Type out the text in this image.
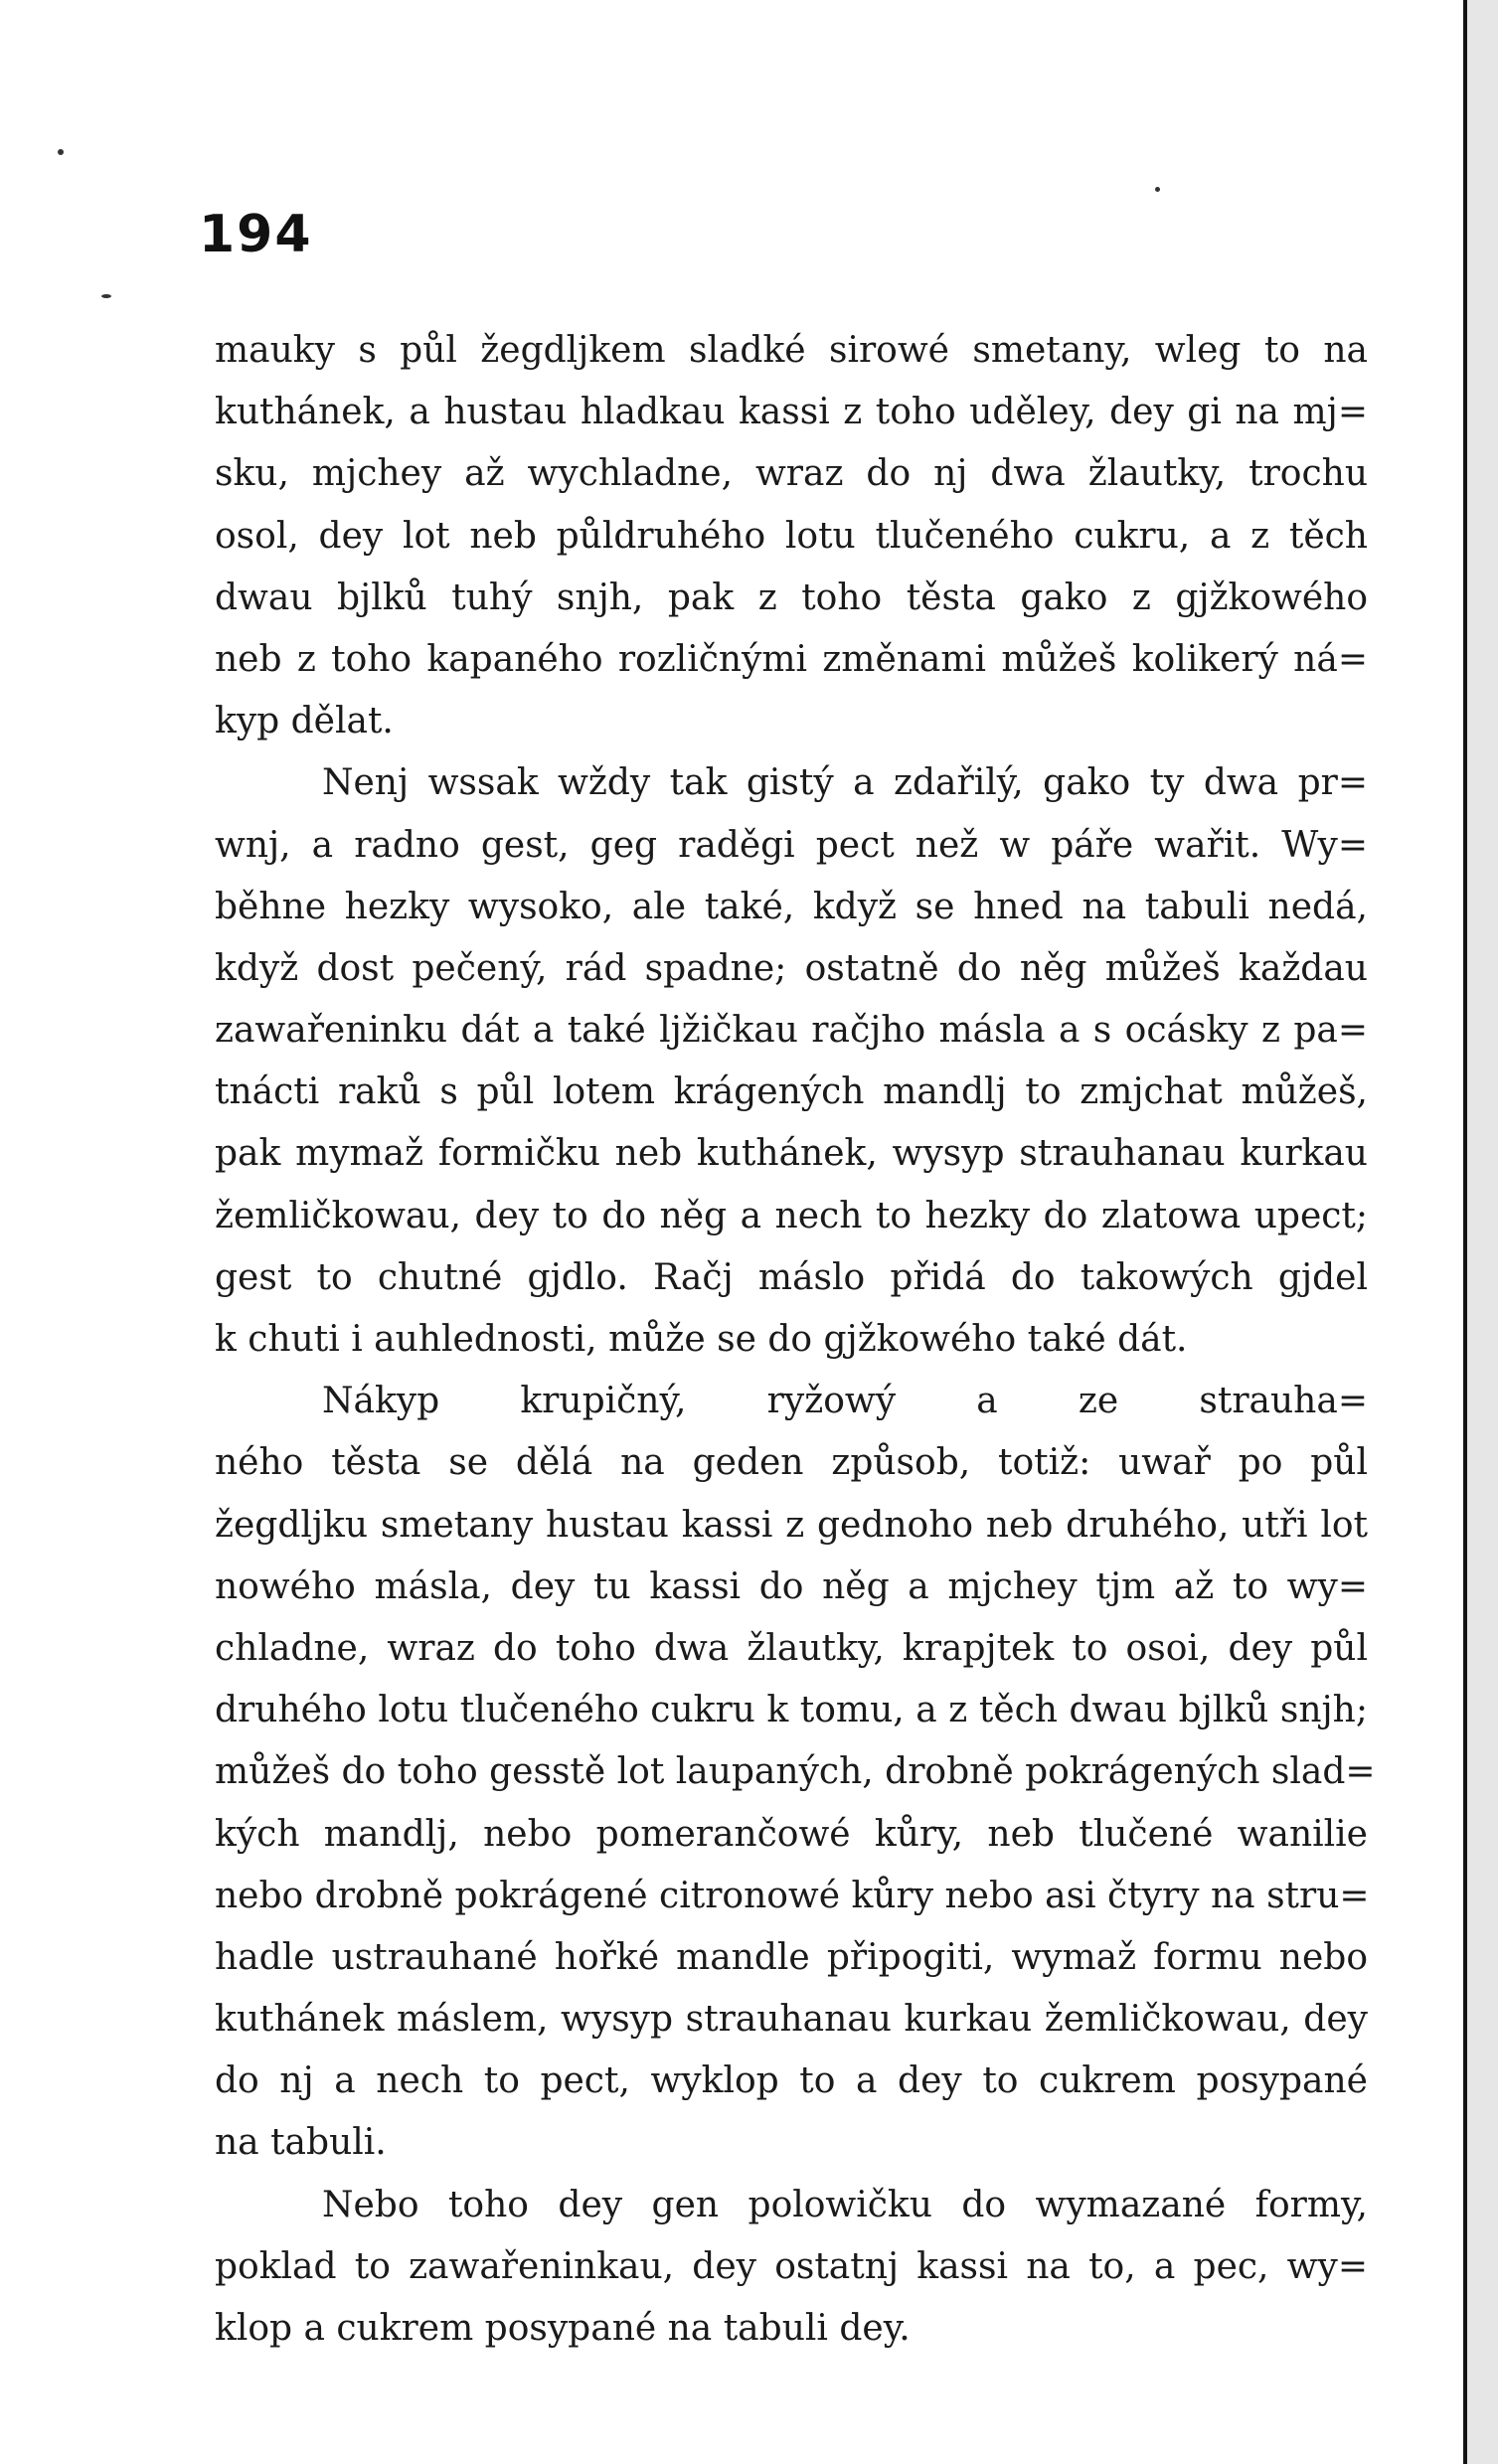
194
mauky s půl žegdljkem sladké sirowé smetany, wleg to na
kuthánek, a hustau hladkau kassi z toho uděley, dey gi na mj=
sku, mjchey až wychladne, wraz do nj dwa žlautky, trochu
osol, dey lot neb půldruhého lotu tlučeného cukru, a z těch
dwau bjlků tuhý snjh, pak z toho těsta gako z gjžkowého
neb z toho kapaného rozličnými změnami můžeš kolikerý ná=
kyp dělat.
Nenj wssak wždy tak gistý a zdařilý, gako ty dwa pr=
wnj, a radno gest, geg raděgi pect než w páře wařit. Wy=
běhne hezky wysoko, ale také, když se hned na tabuli nedá,
když dost pečený, rád spadne; ostatně do něg můžeš každau
zawařeninku dát a také ljžičkau račjho másla a s ocásky z pa=
tnácti raků s půl lotem krágených mandlj to zmjchat můžeš,
pak mymaž formičku neb kuthánek, wysyp strauhanau kurkau
žemličkowau, dey to do něg a nech to hezky do zlatowa upect;
gest to chutné gjdlo. Račj máslo přidá do takowých gjdel
k chuti i auhlednosti, může se do gjžkowého také dát.
Nákyp krupičný, ryžowý a ze strauha=
ného těsta se dělá na geden způsob, totiž: uwař po půl
žegdljku smetany hustau kassi z gednoho neb druhého, utři lot
nowého másla, dey tu kassi do něg a mjchey tjm až to wy=
chladne, wraz do toho dwa žlautky, krapjtek to osoi, dey půl
druhého lotu tlučeného cukru k tomu, a z těch dwau bjlků snjh;
můžeš do toho gesstě lot laupaných, drobně pokrágených slad=
kých mandlj, nebo pomerančowé kůry, neb tlučené wanilie
nebo drobně pokrágené citronowé kůry nebo asi čtyry na stru=
hadle ustrauhané hořké mandle připogiti, wymaž formu nebo
kuthánek máslem, wysyp strauhanau kurkau žemličkowau, dey
do nj a nech to pect, wyklop to a dey to cukrem posypané
na tabuli.
Nebo toho dey gen polowičku do wymazané formy,
poklad to zawařeninkau, dey ostatnj kassi na to, a pec, wy=
klop a cukrem posypané na tabuli dey.
